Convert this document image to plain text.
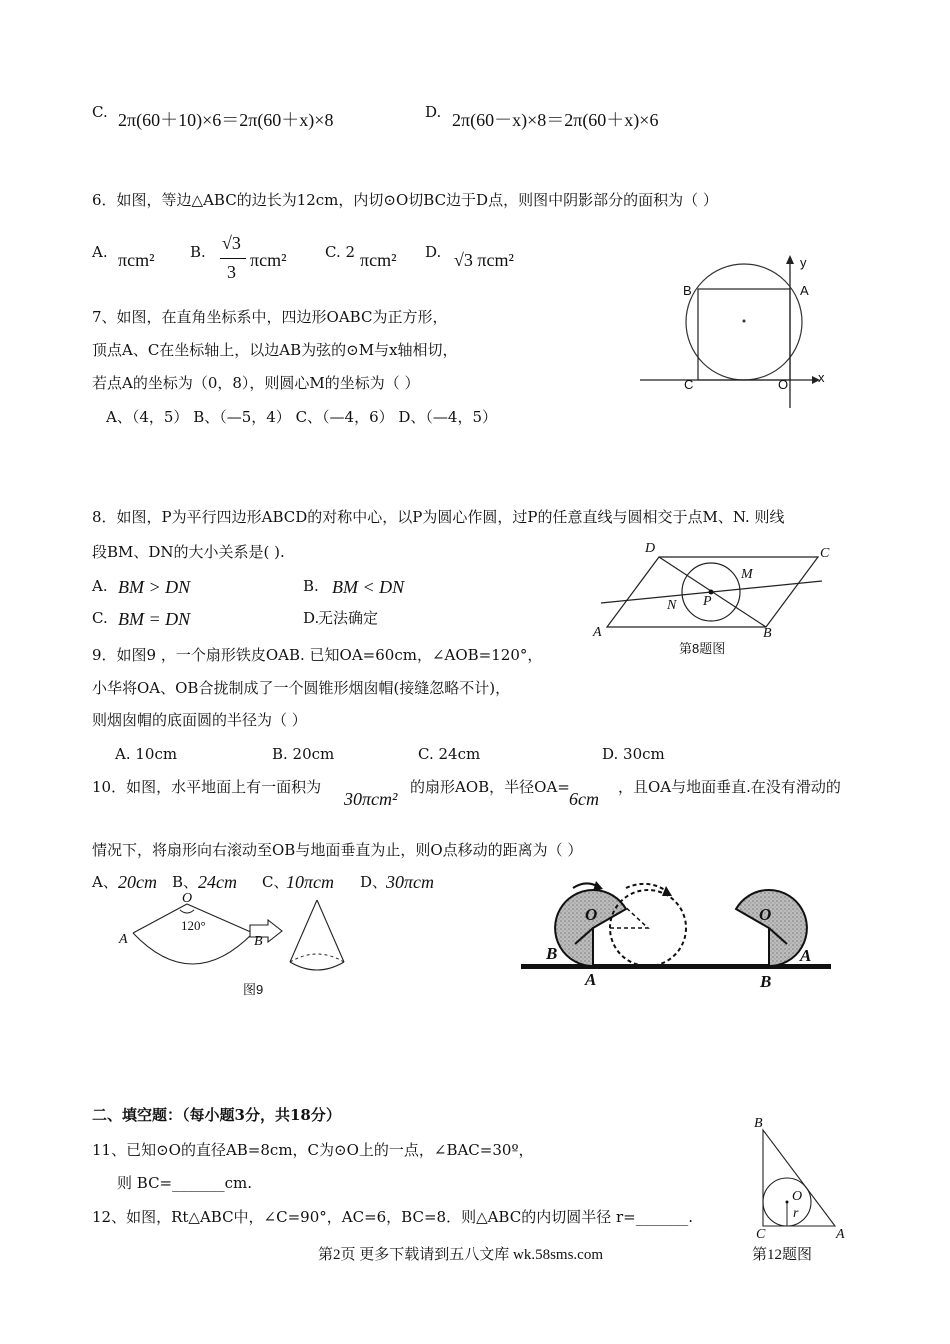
C. 2π(60＋10)×6＝2π(60＋x)×8	D. 2π(60－x)×8＝2π(60＋x)×6
6．如图，等边△ABC的边长为12cm，内切⊙O切BC边于D点，则图中阴影部分的面积为（ ）
A. πcm² B. √3
3
πcm²	C. 2 πcm² D. √3 πcm²
7、如图，在直角坐标系中，四边形OABC为正方形，
顶点A、C在坐标轴上，以边AB为弦的⊙M与x轴相切，
若点A的坐标为（0，8），则圆心M的坐标为（ ）
A、（4，5） B、（—5，4） C、（—4，6） D、（—4，5）
B	A
C	O
y
x
8．如图，P为平行四边形ABCD的对称中心，以P为圆心作圆，过P的任意直线与圆相交于点M、N. 则线
段BM、DN的大小关系是( ).
A. BM > DN	B. BM < DN
C. BM = DN	D.
无法确定
D	C
A	B
M
N P
第8题图
9．如图9 ，一个扇形铁皮OAB. 已知OA=60cm，∠AOB=120°，
小华将OA、OB合拢制成了一个圆锥形烟囱帽(接缝忽略不计)，
则烟囱帽的底面圆的半径为（ ）
A. 10cm	B. 20cm	C. 24cm	D. 30cm
10．如图，水平地面上有一面积为
30πcm²
的扇形AOB，半径OA=
6cm
，且OA与地面垂直.在没有滑动的
情况下，将扇形向右滚动至OB与地面垂直为止，则O点移动的距离为（ ）
A、 20cm B、 24cm C、
10πcm D、
30πcm
O
120°
A	B
图9
O
B
A
O
A
B
二、填空题：（每小题3分，共18分）
11、已知⊙O的直径AB=8cm，C为⊙O上的一点，∠BAC=30º，
则 BC=_______cm.
12、如图，Rt△ABC中，∠C=90°，AC=6，BC=8．则△ABC的内切圆半径 r=_______.
B
O
r
C	A
第12题图
第2页 更多下载请到五八文库 wk.58sms.com
